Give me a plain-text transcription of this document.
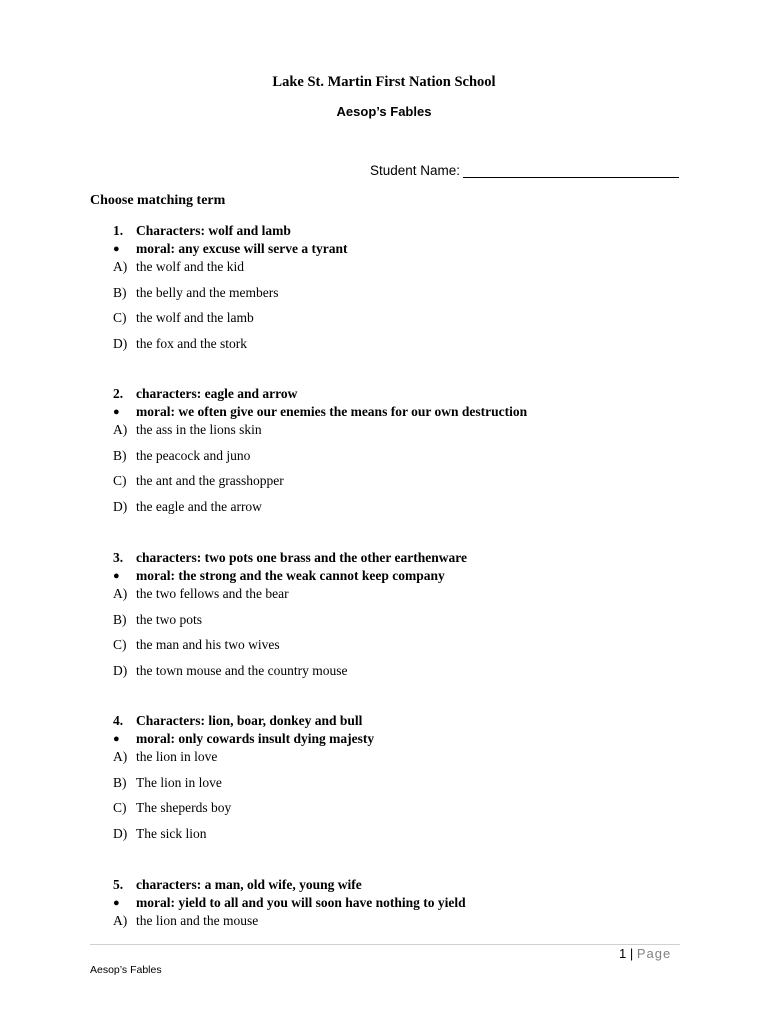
Lake St. Martin First Nation School
Aesop’s Fables
Student Name:
Choose matching term
1. Characters: wolf and lamb
●	moral: any excuse will serve a tyrant
A) the wolf and the kid
B) the belly and the members
C) the wolf and the lamb
D) the fox and the stork
2. characters: eagle and arrow
●	moral: we often give our enemies the means for our own destruction
A) the ass in the lions skin
B) the peacock and juno
C) the ant and the grasshopper
D) the eagle and the arrow
3. characters: two pots one brass and the other earthenware
●	moral: the strong and the weak cannot keep company
A) the two fellows and the bear
B) the two pots
C) the man and his two wives
D) the town mouse and the country mouse
4. Characters: lion, boar, donkey and bull
●	moral: only cowards insult dying majesty
A) the lion in love
B) The lion in love
C) The sheperds boy
D) The sick lion
5. characters: a man, old wife, young wife
●	moral: yield to all and you will soon have nothing to yield
A) the lion and the mouse
1 | Page
Aesop’s Fables
